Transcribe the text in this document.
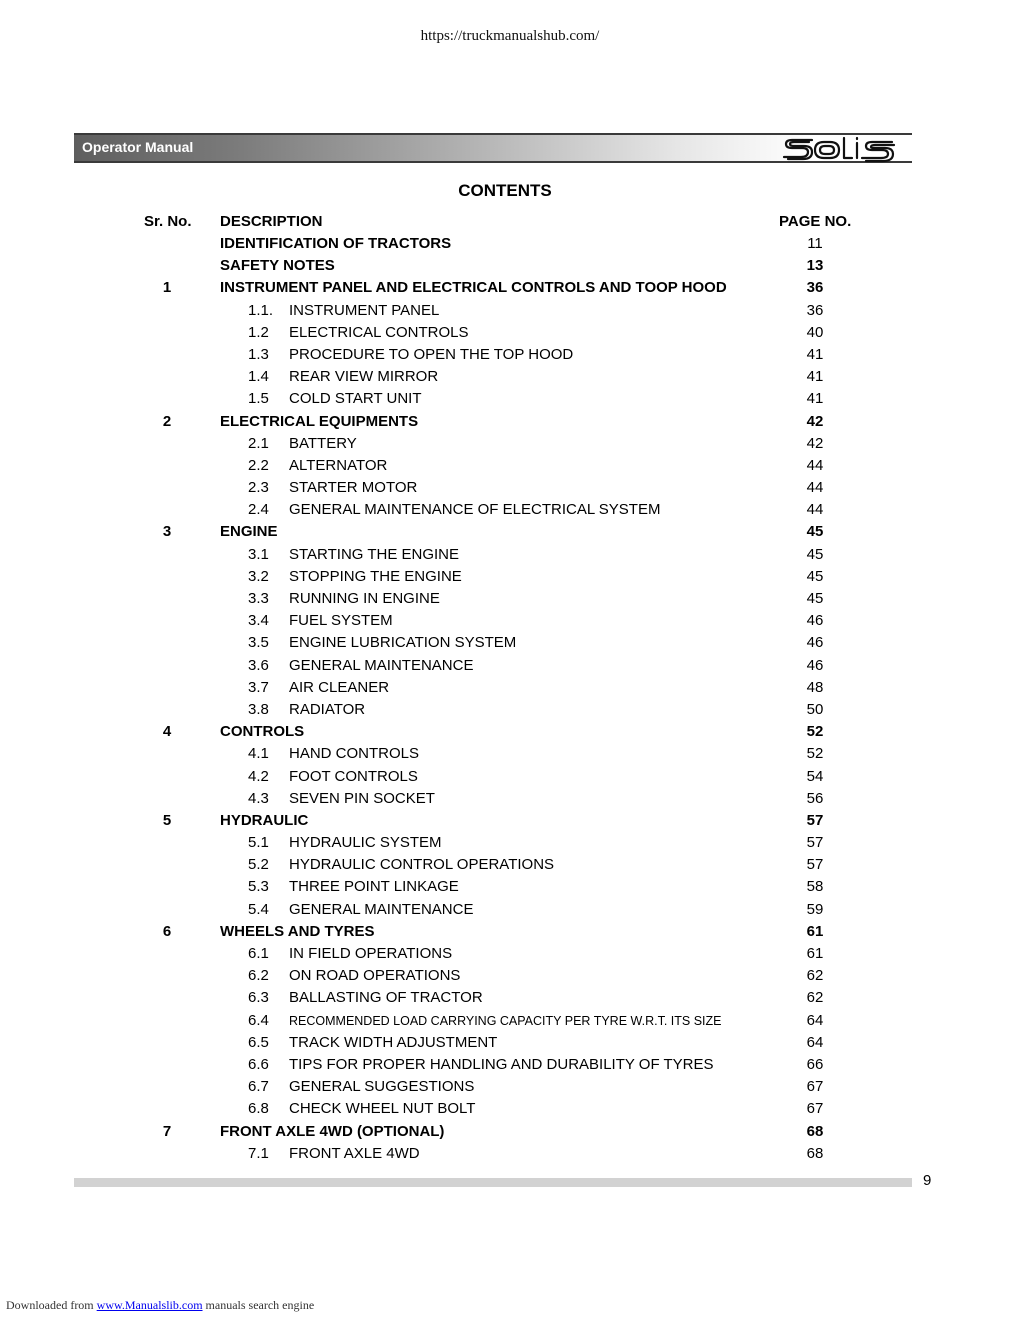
https://truckmanualshub.com/
Operator Manual
CONTENTS
Sr. No. DESCRIPTION	PAGE NO.
IDENTIFICATION OF TRACTORS	11
SAFETY NOTES	13
1	INSTRUMENT PANEL AND ELECTRICAL CONTROLS AND TOOP HOOD	36
1.1. INSTRUMENT PANEL	36
1.2 ELECTRICAL CONTROLS	40
1.3 PROCEDURE TO OPEN THE TOP HOOD	41
1.4 REAR VIEW MIRROR	41
1.5 COLD START UNIT	41
2	ELECTRICAL EQUIPMENTS	42
2.1 BATTERY	42
2.2 ALTERNATOR	44
2.3 STARTER MOTOR	44
2.4 GENERAL MAINTENANCE OF ELECTRICAL SYSTEM	44
3	ENGINE	45
3.1 STARTING THE ENGINE	45
3.2 STOPPING THE ENGINE	45
3.3 RUNNING IN ENGINE	45
3.4 FUEL SYSTEM	46
3.5 ENGINE LUBRICATION SYSTEM	46
3.6 GENERAL MAINTENANCE	46
3.7 AIR CLEANER	48
3.8 RADIATOR	50
4	CONTROLS	52
4.1 HAND CONTROLS	52
4.2 FOOT CONTROLS	54
4.3 SEVEN PIN SOCKET	56
5	HYDRAULIC	57
5.1 HYDRAULIC SYSTEM	57
5.2 HYDRAULIC CONTROL OPERATIONS	57
5.3 THREE POINT LINKAGE	58
5.4 GENERAL MAINTENANCE	59
6	WHEELS AND TYRES	61
6.1 IN FIELD OPERATIONS	61
6.2 ON ROAD OPERATIONS	62
6.3 BALLASTING OF TRACTOR	62
6.4 RECOMMENDED LOAD CARRYING CAPACITY PER TYRE W.R.T. ITS SIZE	64
6.5 TRACK WIDTH ADJUSTMENT	64
6.6 TIPS FOR PROPER HANDLING AND DURABILITY OF TYRES	66
6.7 GENERAL SUGGESTIONS	67
6.8 CHECK WHEEL NUT BOLT	67
7	FRONT AXLE 4WD (OPTIONAL)	68
7.1 FRONT AXLE 4WD	68
9
Downloaded from www.Manualslib.com manuals search engine
